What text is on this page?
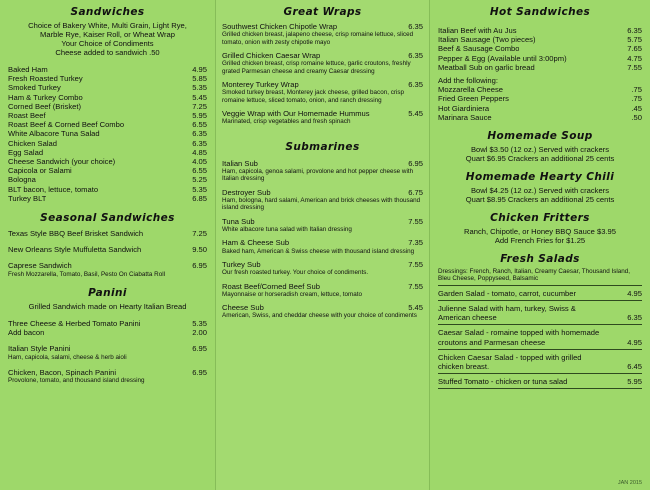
Sandwiches
Choice of Bakery White, Multi Grain, Light Rye,
Marble Rye, Kaiser Roll, or Wheat Wrap
Your Choice of Condiments
Cheese added to sandwich .50
Baked Ham	4.95
Fresh Roasted Turkey	5.85
Smoked Turkey	5.35
Ham & Turkey Combo	5.45
Corned Beef (Brisket)	7.25
Roast Beef	5.95
Roast Beef & Corned Beef Combo	6.55
White Albacore Tuna Salad	6.35
Chicken Salad	6.35
Egg Salad	4.85
Cheese Sandwich (your choice)	4.05
Capicola or Salami	6.55
Bologna	5.25
BLT bacon, lettuce, tomato	5.35
Turkey BLT	6.85
Seasonal Sandwiches
Texas Style BBQ Beef Brisket Sandwich	7.25
New Orleans Style Muffuletta Sandwich	9.50
Caprese Sandwich	6.95
Fresh Mozzarella, Tomato, Basil, Pesto On Ciabatta Roll
Panini
Grilled Sandwich made on Hearty Italian Bread
Three Cheese & Herbed Tomato Panini	5.35
Add bacon	2.00
Italian Style Panini	6.95
Ham, capicola, salami, cheese & herb aioli
Chicken, Bacon, Spinach Panini	6.95
Provolone, tomato, and thousand island dressing
Great Wraps
Southwest Chicken Chipotle Wrap	6.35
Grilled chicken breast, jalapeno cheese, crisp romaine lettuce, sliced tomato, onion with zesty chipotle mayo
Grilled Chicken Caesar Wrap	6.35
Grilled chicken breast, crisp romaine lettuce, garlic croutons, freshly grated Parmesan cheese and creamy Caesar dressing
Monterey Turkey Wrap	6.35
Smoked turkey breast, Monterey jack cheese, grilled bacon, crisp romaine lettuce, sliced tomato, onion, and ranch dressing
Veggie Wrap with Our Homemade Hummus	5.45
Marinated, crisp vegetables and fresh spinach
Submarines
Italian Sub	6.95
Ham, capicola, genoa salami, provolone and hot pepper cheese with Italian dressing
Destroyer Sub	6.75
Ham, bologna, hard salami, American and brick cheeses with thousand island dressing
Tuna Sub	7.55
White albacore tuna salad with Italian dressing
Ham & Cheese Sub	7.35
Baked ham, American & Swiss cheese with thousand island dressing
Turkey Sub	7.55
Our fresh roasted turkey. Your choice of condiments.
Roast Beef/Corned Beef Sub	7.55
Mayonnaise or horseradish cream, lettuce, tomato
Cheese Sub	5.45
American, Swiss, and cheddar cheese with your choice of condiments
Hot Sandwiches
Italian Beef with Au Jus	6.35
Italian Sausage (Two pieces)	5.75
Beef & Sausage Combo	7.65
Pepper & Egg (Available until 3:00pm)	4.75
Meatball Sub on garlic bread	7.55
Add the following:
Mozzarella Cheese	.75
Fried Green Peppers	.75
Hot Giardiniera	.45
Marinara Sauce	.50
Homemade Soup
Bowl $3.50 (12 oz.) Served with crackers
Quart $6.95 Crackers an additional 25 cents
Homemade Hearty Chili
Bowl $4.25 (12 oz.) Served with crackers
Quart $8.95 Crackers an additional 25 cents
Chicken Fritters
Ranch, Chipotle, or Honey BBQ Sauce $3.95
Add French Fries for $1.25
Fresh Salads
Dressings: French, Ranch, Italian, Creamy Caesar, Thousand Island, Bleu Cheese, Poppyseed, Balsamic
Garden Salad - tomato, carrot, cucumber	4.95
Julienne Salad with ham, turkey, Swiss &
American cheese	6.35
Caesar Salad - romaine topped with homemade
croutons and Parmesan cheese	4.95
Chicken Caesar Salad - topped with grilled
chicken breast.	6.45
Stuffed Tomato - chicken or tuna salad	5.95
JAN 2015
